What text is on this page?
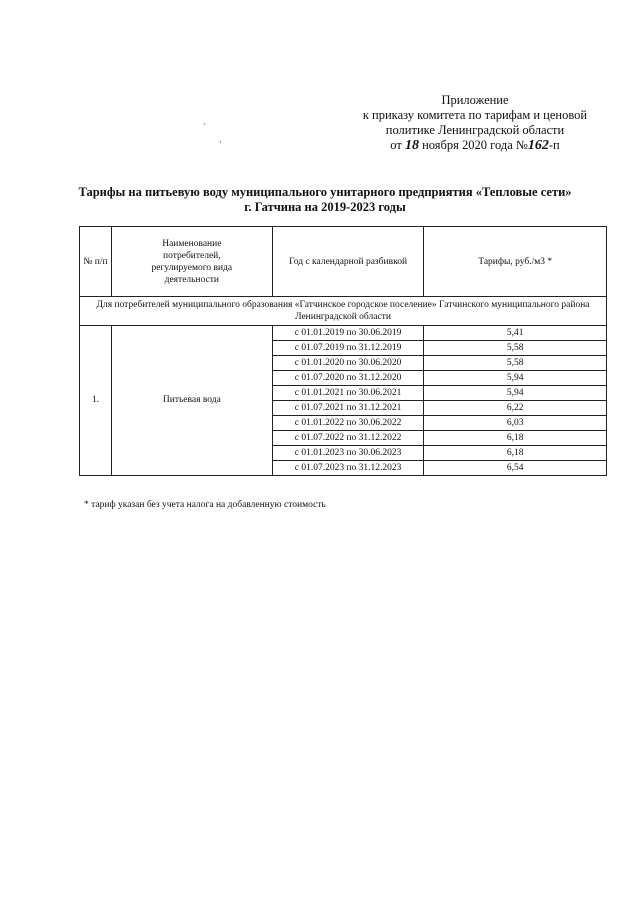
ˋ
·
Приложение
к приказу комитета по тарифам и ценовой
политике Ленинградской области
от 18 ноября 2020 года №162-п
Тарифы на питьевую воду муниципального унитарного предприятия «Тепловые сети»
г. Гатчина на 2019-2023 годы
№ п/п	Наименование потребителей, регулируемого вида деятельности	Год с календарной разбивкой	Тарифы, руб./м3 *
Для потребителей муниципального образования «Гатчинское городское поселение» Гатчинского муниципального района Ленинградской области			
1.	Питьевая вода	с 01.01.2019 по 30.06.2019	5,41
		с 01.07.2019 по 31.12.2019	5,58
		с 01.01.2020 по 30.06.2020	5,58
		с 01.07.2020 по 31.12.2020	5,94
		с 01.01.2021 по 30.06.2021	5,94
		с 01.07.2021 по 31.12.2021	6,22
		с 01.01.2022 по 30.06.2022	6,03
		с 01.07.2022 по 31.12.2022	6,18
		с 01.01.2023 по 30.06.2023	6,18
		с 01.07.2023 по 31.12.2023	6,54
* тариф указан без учета налога на добавленную стоимость
